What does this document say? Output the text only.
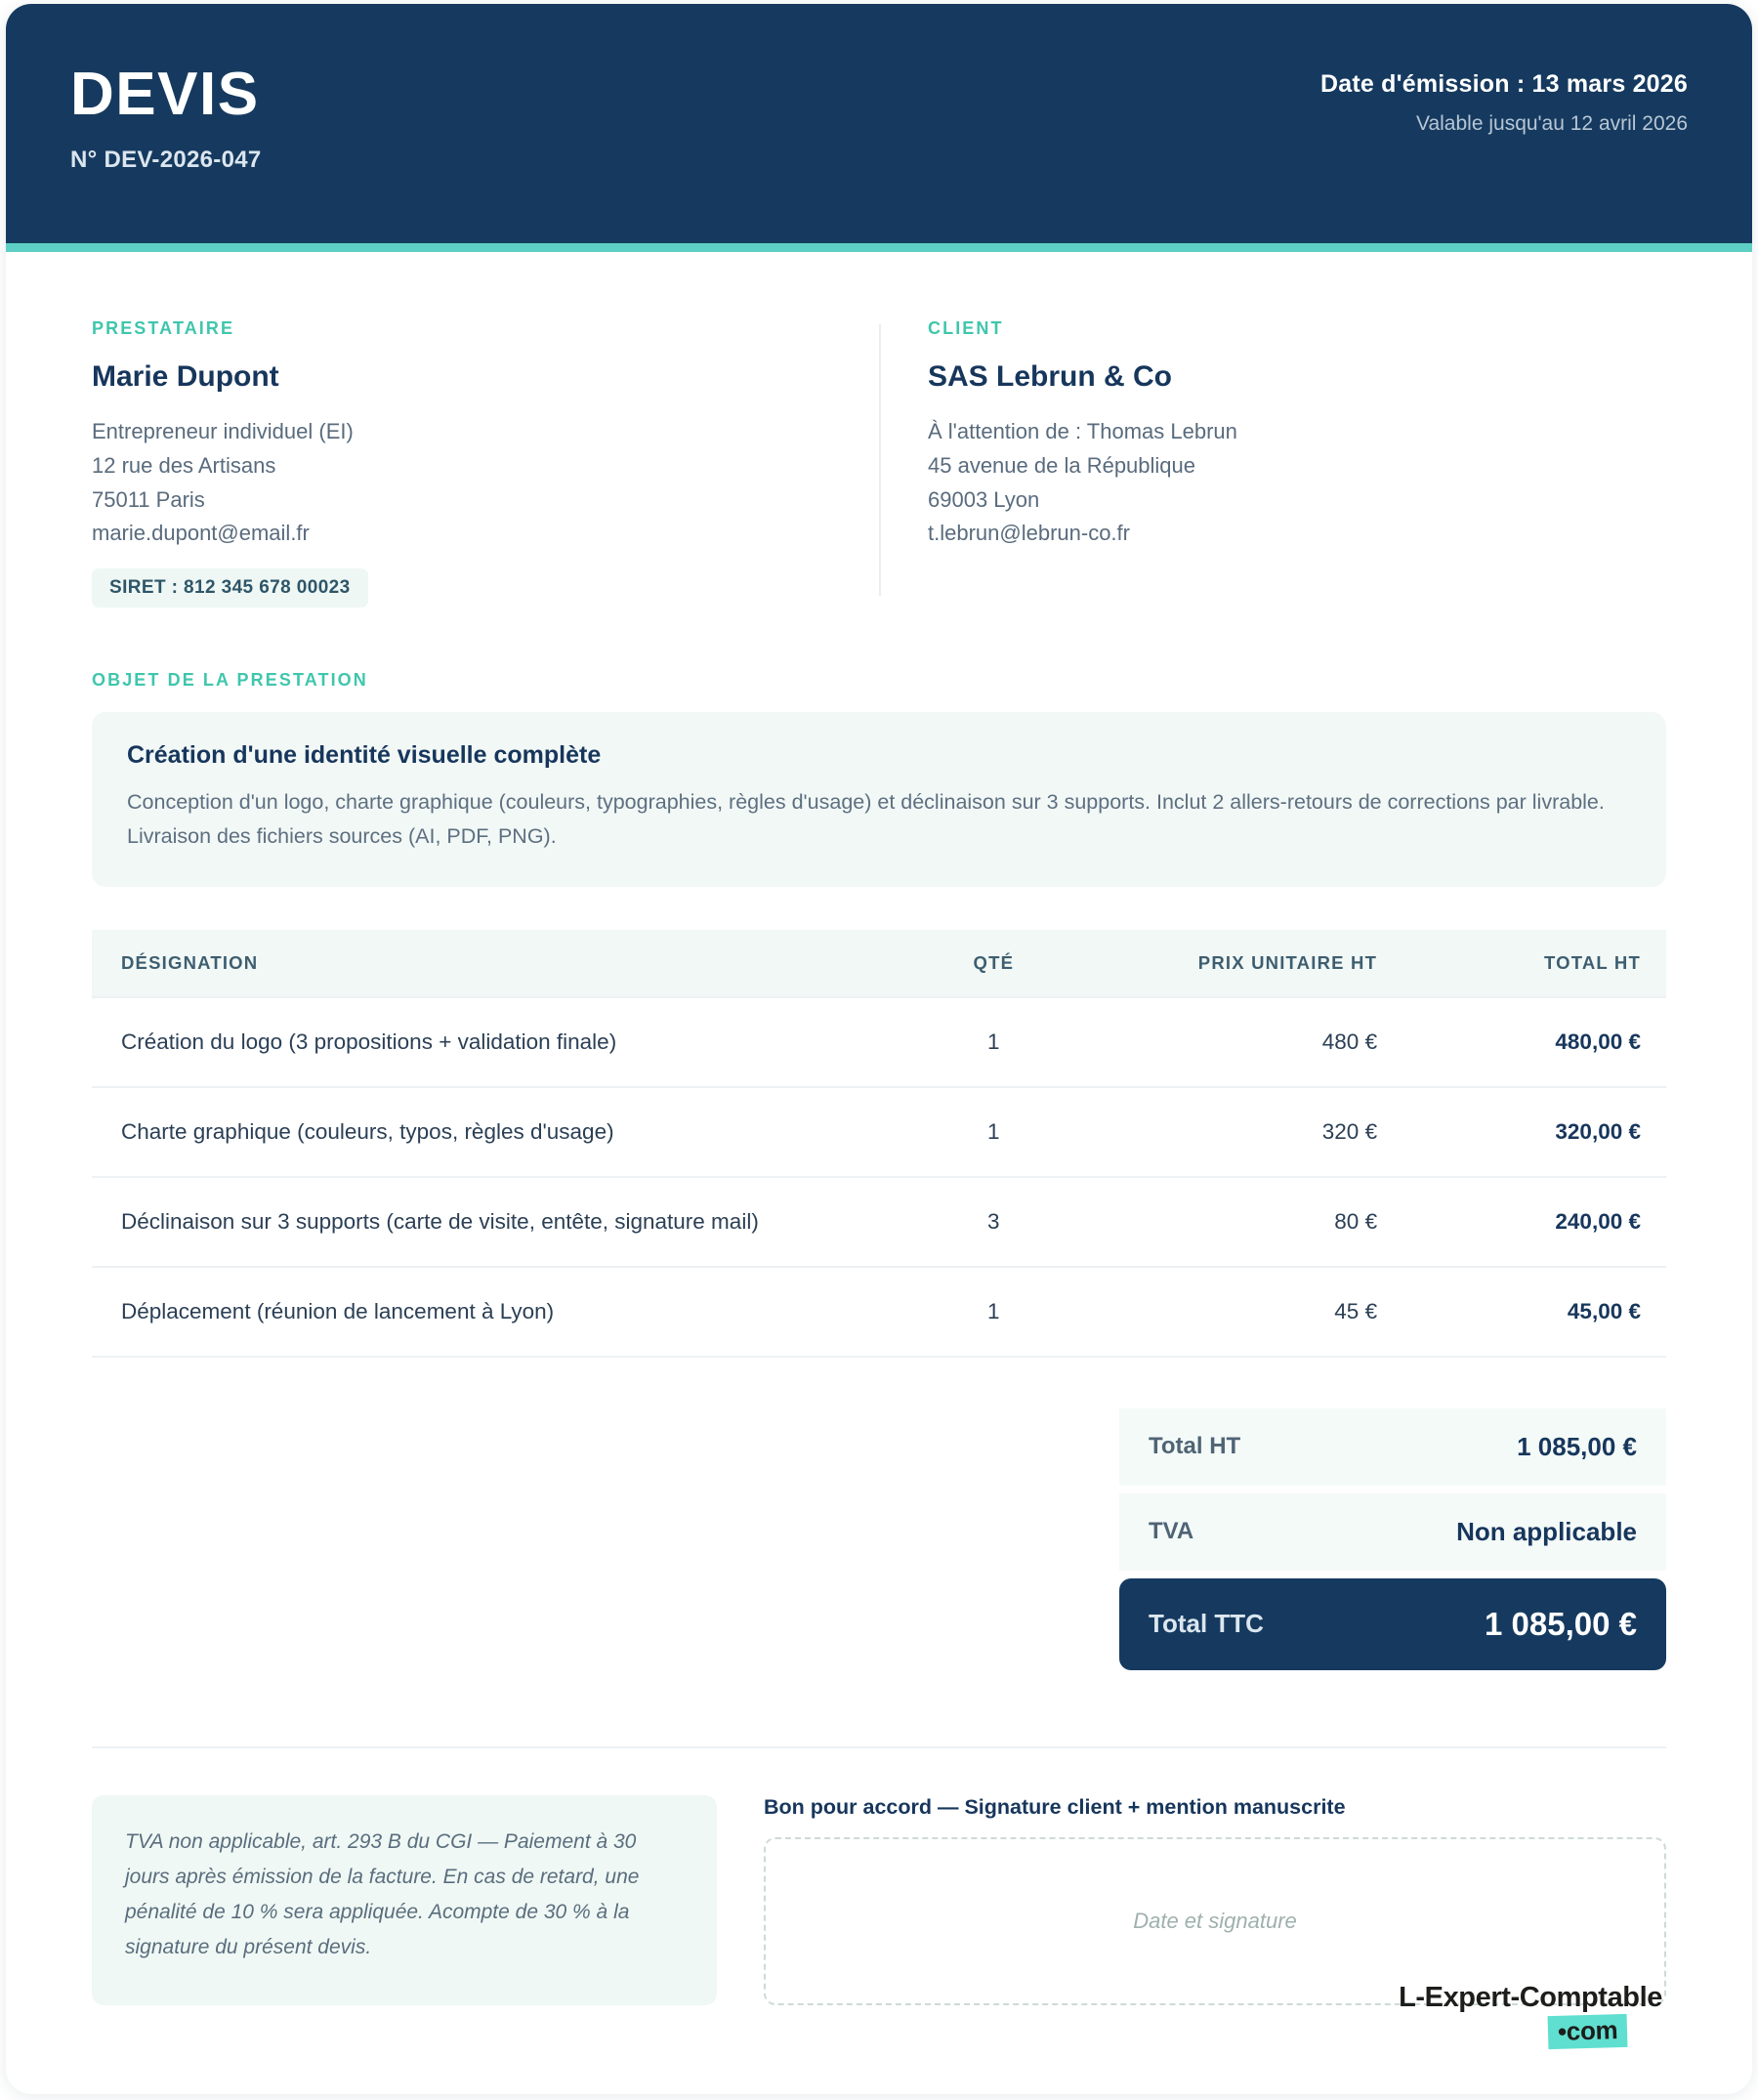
DEVIS
N° DEV-2026-047
Date d'émission : 13 mars 2026
Valable jusqu'au 12 avril 2026
PRESTATAIRE
Marie Dupont
Entrepreneur individuel (EI)
12 rue des Artisans
75011 Paris
marie.dupont@email.fr
SIRET : 812 345 678 00023
CLIENT
SAS Lebrun & Co
À l'attention de : Thomas Lebrun
45 avenue de la République
69003 Lyon
t.lebrun@lebrun-co.fr
OBJET DE LA PRESTATION
Création d'une identité visuelle complète
Conception d'un logo, charte graphique (couleurs, typographies, règles d'usage) et déclinaison sur 3 supports. Inclut 2 allers-retours de corrections par livrable. Livraison des fichiers sources (AI, PDF, PNG).
DÉSIGNATION	QTÉ	PRIX UNITAIRE HT	TOTAL HT
Création du logo (3 propositions + validation finale)	1	480 €	480,00 €
Charte graphique (couleurs, typos, règles d'usage)	1	320 €	320,00 €
Déclinaison sur 3 supports (carte de visite, entête, signature mail)	3	80 €	240,00 €
Déplacement (réunion de lancement à Lyon)	1	45 €	45,00 €
Total HT	1 085,00 €
TVA	Non applicable
Total TTC	1 085,00 €
TVA non applicable, art. 293 B du CGI — Paiement à 30 jours après émission de la facture. En cas de retard, une pénalité de 10 % sera appliquée. Acompte de 30 % à la signature du présent devis.
Bon pour accord — Signature client + mention manuscrite
Date et signature
L-Expert-Comptable
•com
